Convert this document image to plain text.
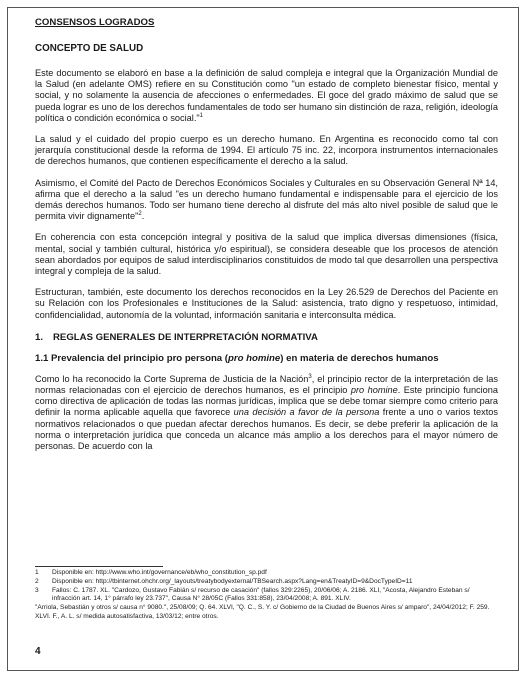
CONSENSOS LOGRADOS
CONCEPTO DE SALUD

Este documento se elaboró en base a la definición de salud compleja e integral que la Organización Mundial de la Salud (en adelante OMS) refiere en su Constitución como "un estado de completo bienestar físico, mental y social, y no solamente la ausencia de afecciones o enfermedades. El goce del grado máximo de salud que se pueda lograr es uno de los derechos fundamentales de todo ser humano sin distinción de raza, religión, ideología política o condición económica o social."$^1$

La salud y el cuidado del propio cuerpo es un derecho humano. En Argentina es reconocido como tal con jerarquía constitucional desde la reforma de 1994. El artículo 75 inc. 22, incorpora instrumentos internacionales de derechos humanos, que contienen específicamente el derecho a la salud.

Asimismo, el Comité del Pacto de Derechos Económicos Sociales y Culturales en su Observación General Nª 14, afirma que el derecho a la salud "es un derecho humano fundamental e indispensable para el ejercicio de los demás derechos humanos. Todo ser humano tiene derecho al disfrute del más alto nivel posible de salud que le permita vivir dignamente"$^2$.

En coherencia con esta concepción integral y positiva de la salud que implica diversas dimensiones (física, mental, social y también cultural, histórica y/o espiritual), se considera deseable que los procesos de atención sean abordados por equipos de salud interdisciplinarios constituidos de modo tal que desarrollen una perspectiva integral y compleja de la salud.

Estructuran, también, este documento los derechos reconocidos en la Ley 26.529 de Derechos del Paciente en su Relación con los Profesionales e Instituciones de la Salud: asistencia, trato digno y respetuoso, intimidad, confidencialidad, autonomía de la voluntad, información sanitaria e interconsulta médica.

1. REGLAS GENERALES DE INTERPRETACIÓN NORMATIVA
1.1 Prevalencia del principio pro persona (pro homine) en materia de derechos humanos

Como lo ha reconocido la Corte Suprema de Justicia de la Nación$^3$, el principio rector de la interpretación de las normas relacionadas con el ejercicio de derechos humanos, es el principio pro homine. Este principio funciona como directiva de aplicación de todas las normas jurídicas, implica que se debe tomar siempre como criterio para definir la norma aplicable aquella que favorece una decisión a favor de la persona frente a uno o varios textos normativos relacionados o que puedan afectar derechos humanos. Es decir, se debe preferir la aplicación de la norma o interpretación jurídica que conceda un alcance más amplio a los derechos para el mayor número de personas. De acuerdo con la

1	Disponible en: http://www.who.int/governance/eb/who_constitution_sp.pdf
2	Disponible en: http://tbinternet.ohchr.org/_layouts/treatybodyexternal/TBSearch.aspx?Lang=en&TreatyID=9&DocTypeID=11
3	Fallos: C. 1787. XL. "Cardozo, Gustavo Fabián s/ recurso de casación" (fallos 329:2265), 20/06/06; A. 2186. XLI, "Acosta, Alejandro Esteban s/ infracción art. 14, 1° párrafo ley 23.737", Causa N° 28/05C (Fallos 331:858), 23/04/2008; A. 891. XLIV.
"Arriola, Sebastián y otros s/ causa n° 9080.", 25/08/09; Q. 64. XLVI, "Q. C., S. Y. c/ Gobierno de la Ciudad de Buenos Aires s/ amparo", 24/04/2012; F. 259. XLVI. F., A. L. s/ medida autosatisfactiva, 13/03/12; entre otros.
4
